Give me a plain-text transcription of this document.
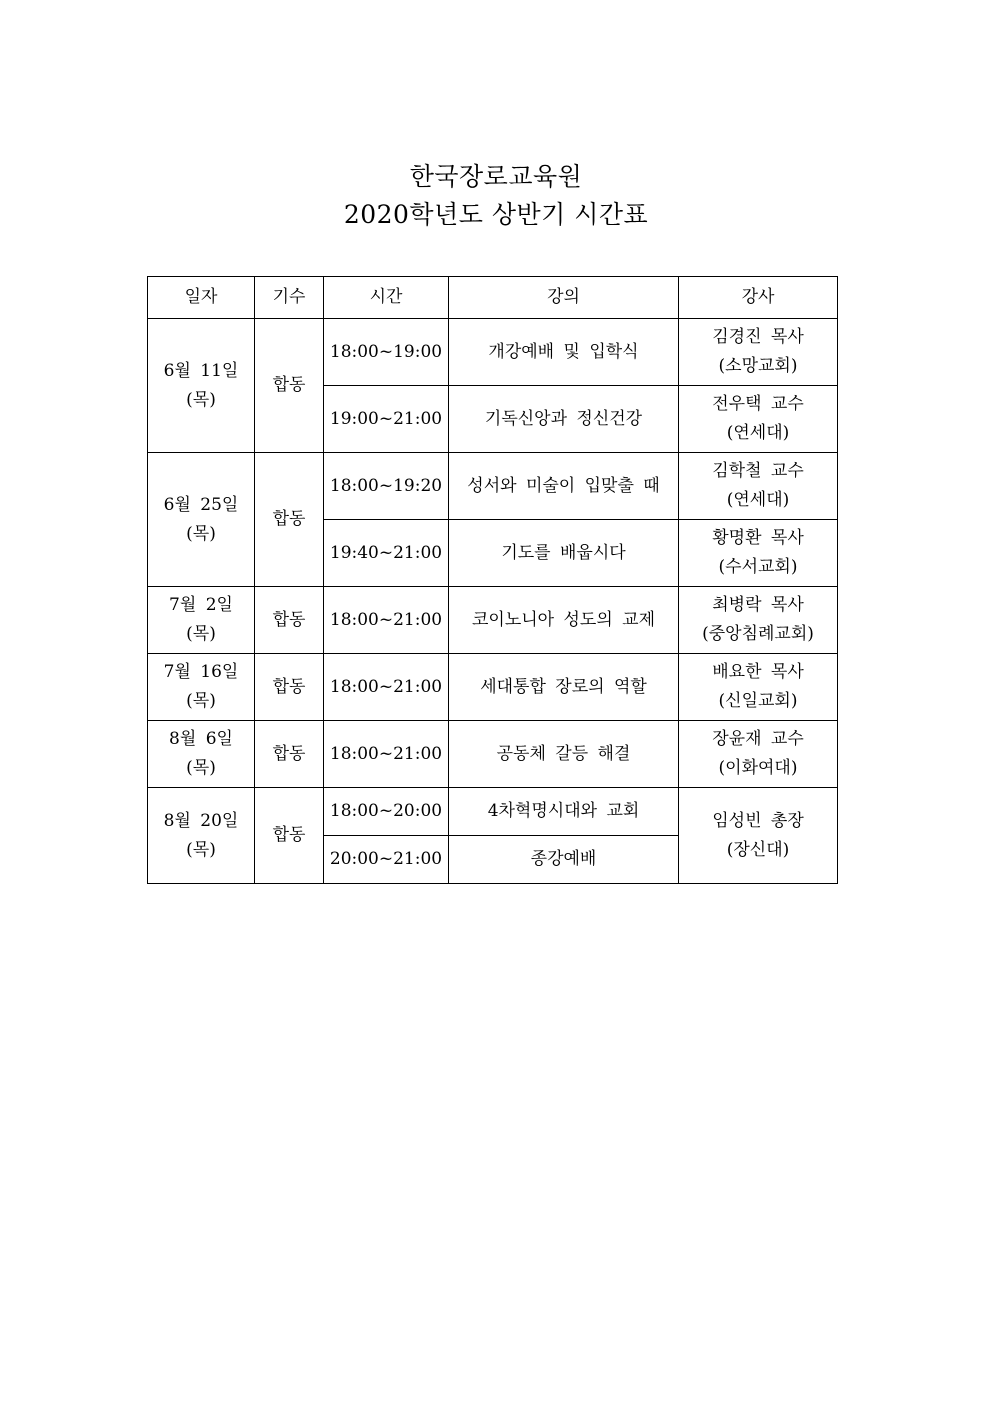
한국장로교육원
2020학년도 상반기 시간표
일자	기수	시간	강의	강사

6월 11일
(목)	합동	18:00~19:00	개강예배 및 입학식	김경진 목사
(소망교회)

		19:00~21:00	기독신앙과 정신건강	전우택 교수
(연세대)

6월 25일
(목)	합동	18:00~19:20	성서와 미술이 입맞출 때	김학철 교수
(연세대)

		19:40~21:00	기도를 배웁시다	황명환 목사
(수서교회)

7월 2일
(목)	합동	18:00~21:00	코이노니아 성도의 교제	최병락 목사
(중앙침례교회)

7월 16일
(목)	합동	18:00~21:00	세대통합 장로의 역할	배요한 목사
(신일교회)

8월 6일
(목)	합동	18:00~21:00	공동체 갈등 해결	장윤재 교수
(이화여대)

8월 20일
(목)	합동	18:00~20:00	4차혁명시대와 교회	임성빈 총장
(장신대)

		20:00~21:00	종강예배	
